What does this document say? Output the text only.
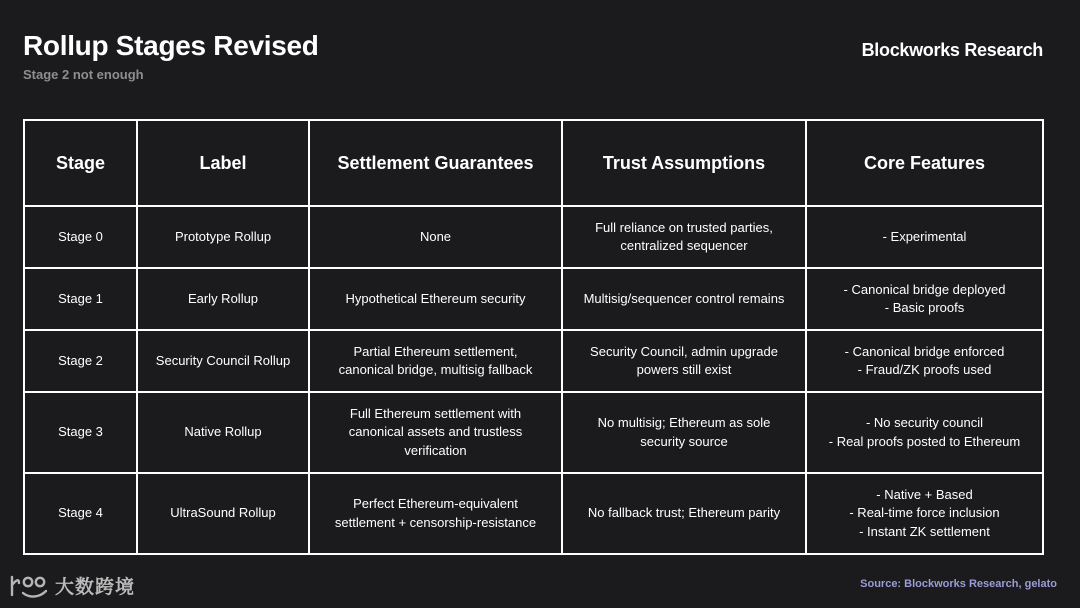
Rollup Stages Revised
Stage 2 not enough
Blockworks Research
Stage	Label	Settlement Guarantees	Trust Assumptions	Core Features

Stage 0	Prototype Rollup	None	Full reliance on trusted parties,
centralized sequencer	- Experimental

Stage 1	Early Rollup	Hypothetical Ethereum security	Multisig/sequencer control remains	- Canonical bridge deployed
- Basic proofs

Stage 2	Security Council Rollup	Partial Ethereum settlement,
canonical bridge, multisig fallback	Security Council, admin upgrade
powers still exist	- Canonical bridge enforced
- Fraud/ZK proofs used

Stage 3	Native Rollup	Full Ethereum settlement with
canonical assets and trustless
verification	No multisig; Ethereum as sole
security source	- No security council
- Real proofs posted to Ethereum

Stage 4	UltraSound Rollup	Perfect Ethereum-equivalent
settlement + censorship-resistance	No fallback trust; Ethereum parity	- Native + Based
- Real-time force inclusion
- Instant ZK settlement
大数跨境	Source: Blockworks Research, gelato
